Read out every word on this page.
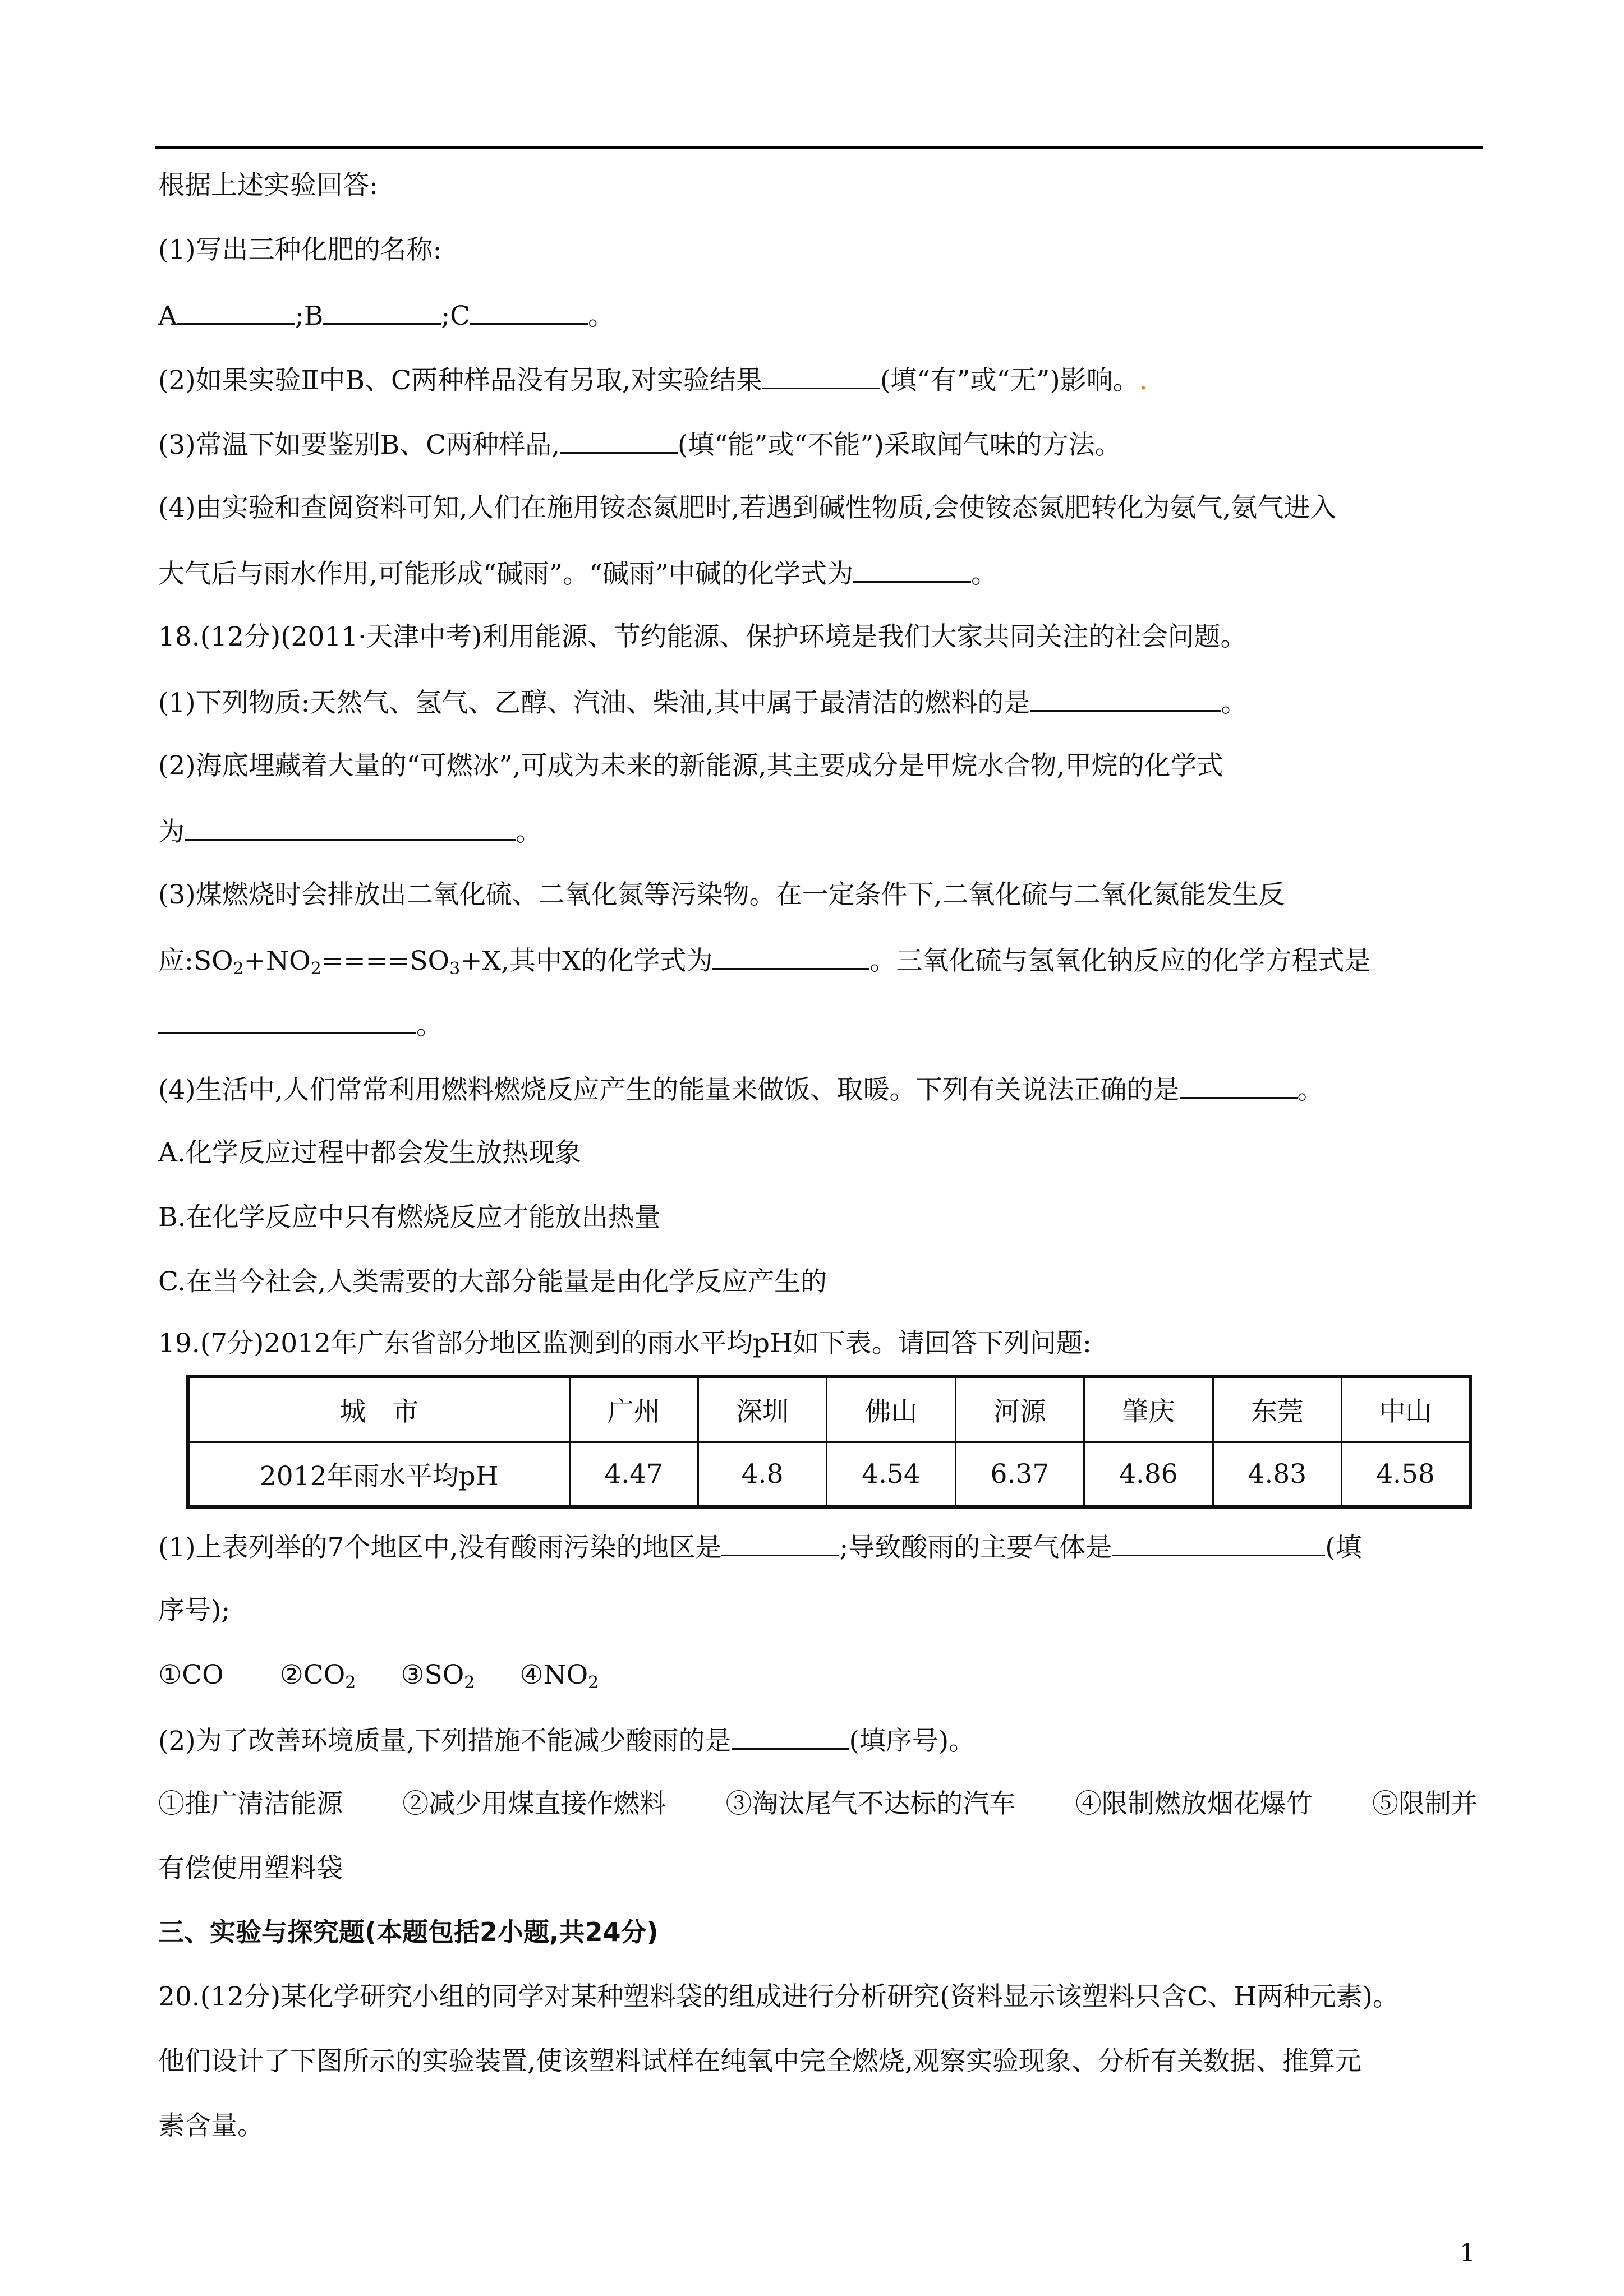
根据上述实验回答:
(1)写出三种化肥的名称:
A	;B	;C	。
(2)如果实验Ⅱ中B、C两种样品没有另取,对实验结果	(填“有”或“无”)影响。.
(3)常温下如要鉴别B、C两种样品,	(填“能”或“不能”)采取闻气味的方法。
(4)由实验和查阅资料可知,人们在施用铵态氮肥时,若遇到碱性物质,会使铵态氮肥转化为氨气,氨气进入
大气后与雨水作用,可能形成“碱雨”。“碱雨”中碱的化学式为	。
18.(12分)(2011·天津中考)利用能源、节约能源、保护环境是我们大家共同关注的社会问题。
(1)下列物质:天然气、氢气、乙醇、汽油、柴油,其中属于最清洁的燃料的是	。
(2)海底埋藏着大量的“可燃冰”,可成为未来的新能源,其主要成分是甲烷水合物,甲烷的化学式
为	。
(3)煤燃烧时会排放出二氧化硫、二氧化氮等污染物。在一定条件下,二氧化硫与二氧化氮能发生反
应$:SO_2+NO_2====SO_3+X$,其中X的化学式为	。三氧化硫与氢氧化钠反应的化学方程式是
。
(4)生活中,人们常常利用燃料燃烧反应产生的能量来做饭、取暖。下列有关说法正确的是	。
A.化学反应过程中都会发生放热现象
B.在化学反应中只有燃烧反应才能放出热量
C.在当今社会,人类需要的大部分能量是由化学反应产生的
19.(7分)2012年广东省部分地区监测到的雨水平均pH如下表。请回答下列问题:
城　市	广州	深圳	佛山	河源	肇庆	东莞	中山
2012年雨水平均pH	4.47	4.8	4.54	6.37	4.86	4.83	4.58
(1)上表列举的7个地区中,没有酸雨污染的地区是	;导致酸雨的主要气体是	(填
序号);
①CO $②CO_2$ $③SO_2$ $④NO_2$
(2)为了改善环境质量,下列措施不能减少酸雨的是	(填序号)。
①推广清洁能源 ②减少用煤直接作燃料 ③淘汰尾气不达标的汽车 ④限制燃放烟花爆竹 ⑤限制并
有偿使用塑料袋
三、实验与探究题(本题包括2小题,共24分)
20.(12分)某化学研究小组的同学对某种塑料袋的组成进行分析研究(资料显示该塑料只含C、H两种元素)。
他们设计了下图所示的实验装置,使该塑料试样在纯氧中完全燃烧,观察实验现象、分析有关数据、推算元
素含量。
1
